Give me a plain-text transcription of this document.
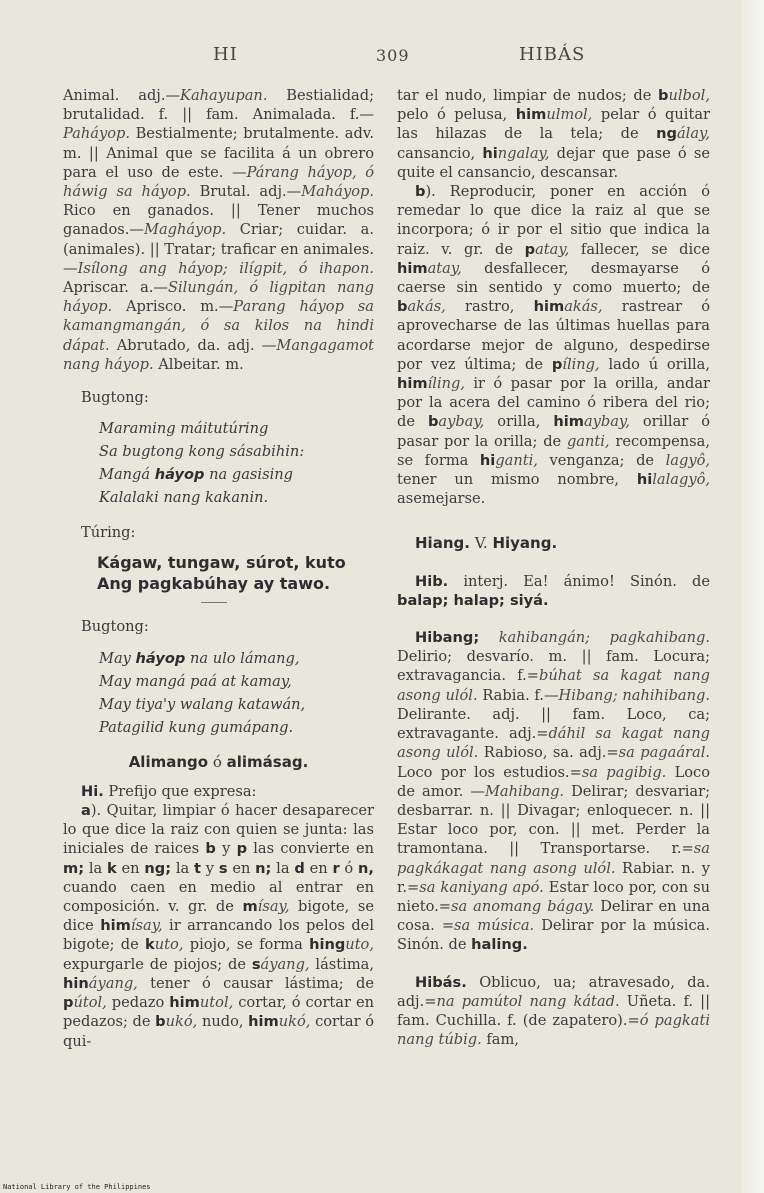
HI	309	HIBÁS

Animal. adj.—Kahayupan. Bestialidad; brutalidad. f. || fam. Animalada. f.—Paháyop. Bestialmente; brutalmente. adv. m. || Animal que se facilita á un obrero para el uso de este. —Párang háyop, ó háwig sa háyop. Brutal. adj.—Maháyop. Rico en ganados. || Tener muchos ganados.—Magháyop. Criar; cuidar. a. (animales). || Tratar; traficar en animales.—Isílong ang háyop; ilígpit, ó ihapon. Apriscar. a.—Silungán, ó ligpitan nang háyop. Aprisco. m.—Parang háyop sa kamangmangán, ó sa kilos na hindi dápat. Abrutado, da. adj. —Mangagamot nang háyop. Albeitar. m.

Bugtong:
Maraming máitutúring
Sa bugtong kong sásabihin:
Mangá háyop na gasising
Kalalaki nang kakanin.
Túring:
Kágaw, tungaw, súrot, kuto
Ang pagkabúhay ay tawo.
Bugtong:
May háyop na ulo lámang,
May mangá paá at kamay,
May tiya'y walang katawán,
Patagilid kung gumápang.
Alimango ó alimásag.

Hi. Prefijo que expresa:

a). Quitar, limpiar ó hacer desaparecer lo que dice la raiz con quien se junta: las iniciales de raices b y p las convierte en m; la k en ng; la t y s en n; la d en r ó n, cuando caen en medio al entrar en composición. v. gr. de mísay, bigote, se dice himísay, ir arrancando los pelos del bigote; de kuto, piojo, se forma hinguto, expurgarle de piojos; de sáyang, lástima, hináyang, tener ó causar lástima; de pútol, pedazo himutol, cortar, ó cortar en pedazos; de bukó, nudo, himukó, cortar ó qui-

tar el nudo, limpiar de nudos; de bulbol, pelo ó pelusa, himulmol, pelar ó quitar las hilazas de la tela; de ngálay, cansancio, hingalay, dejar que pase ó se quite el cansancio, descansar.

b). Reproducir, poner en acción ó remedar lo que dice la raiz al que se incorpora; ó ir por el sitio que indica la raiz. v. gr. de patay, fallecer, se dice himatay, desfallecer, desmayarse ó caerse sin sentido y como muerto; de bakás, rastro, himakás, rastrear ó aprovecharse de las últimas huellas para acordarse mejor de alguno, despedirse por vez última; de píling, lado ú orilla, himíling, ir ó pasar por la orilla, andar por la acera del camino ó ribera del rio; de baybay, orilla, himaybay, orillar ó pasar por la orilla; de ganti, recompensa, se forma higanti, venganza; de lagyô, tener un mismo nombre, hilalagyô, asemejarse.

Hiang. V. Hiyang.

Hib. interj. Ea! ánimo! Sinón. de balap; halap; siyá.

Hibang; kahibangán; pagkahibang. Delirio; desvarío. m. || fam. Locura; extravagancia. f.=búhat sa kagat nang asong ulól. Rabia. f.—Hibang; nahihibang. Delirante. adj. || fam. Loco, ca; extravagante. adj.=dáhil sa kagat nang asong ulól. Rabioso, sa. adj.=sa pagaáral. Loco por los estudios.=sa pagibig. Loco de amor. —Mahibang. Delirar; desvariar; desbarrar. n. || Divagar; enloquecer. n. || Estar loco por, con. || met. Perder la tramontana. || Transportarse. r.=sa pagkákagat nang asong ulól. Rabiar. n. y r.=sa kaniyang apó. Estar loco por, con su nieto.=sa anomang bágay. Delirar en una cosa. =sa música. Delirar por la música. Sinón. de haling.

Hibás. Oblicuo, ua; atravesado, da. adj.=na pamútol nang kátad. Uñeta. f. || fam. Cuchilla. f. (de zapatero).=ó pagkati nang túbig. fam,

National Library of the Philippines
